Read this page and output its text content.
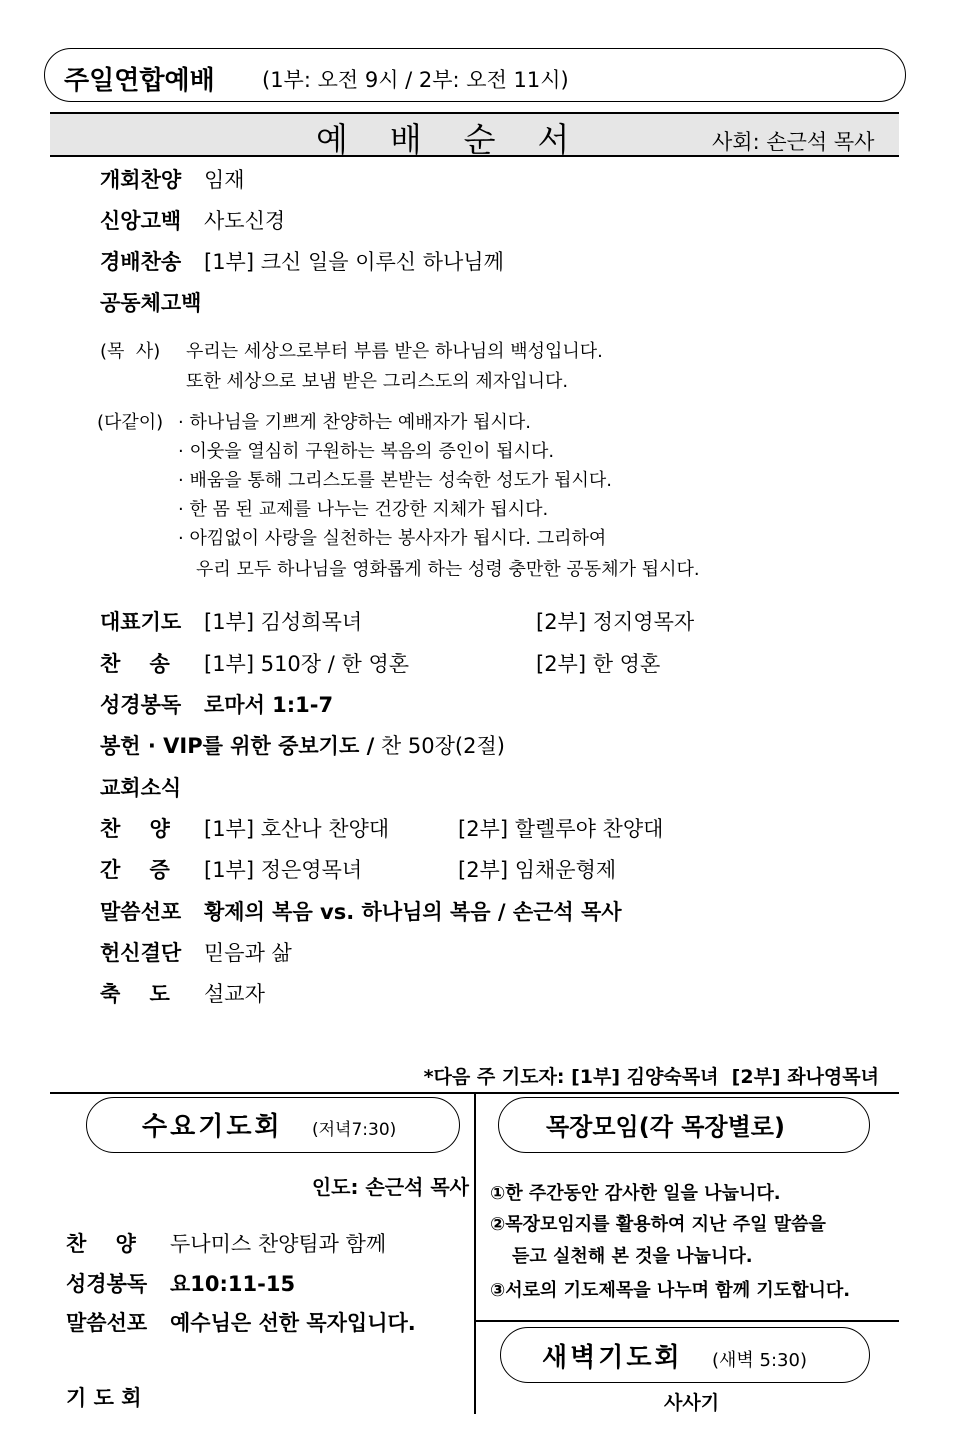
주일연합예배 (1부: 오전 9시 / 2부: 오전 11시)
예    배    순    서	사회: 손근석 목사
개회찬양 임재
신앙고백 사도신경
경배찬송 [1부] 크신 일을 이루신 하나님께
공동체고백
(목  사) 우리는 세상으로부터 부름 받은 하나님의 백성입니다.
또한 세상으로 보냄 받은 그리스도의 제자입니다.
(다같이) · 하나님을 기쁘게 찬양하는 예배자가 됩시다.
· 이웃을 열심히 구원하는 복음의 증인이 됩시다.
· 배움을 통해 그리스도를 본받는 성숙한 성도가 됩시다.
· 한 몸 된 교제를 나누는 건강한 지체가 됩시다.
· 아낌없이 사랑을 실천하는 봉사자가 됩시다. 그리하여
우리 모두 하나님을 영화롭게 하는 성령 충만한 공동체가 됩시다.
대표기도 [1부] 김성희목녀	[2부] 정지영목자
찬    송 [1부] 510장 / 한 영혼	[2부] 한 영혼
성경봉독 로마서 1:1-7
봉헌 · VIP를 위한 중보기도 / 찬 50장(2절)
교회소식
찬    양 [1부] 호산나 찬양대	[2부] 할렐루야 찬양대
간    증 [1부] 정은영목녀	[2부] 임채운형제
말씀선포 황제의 복음 vs. 하나님의 복음 / 손근석 목사
헌신결단 믿음과 삶
축    도 설교자
*다음 주 기도자: [1부] 김양숙목녀  [2부] 좌나영목녀
수요기도회 (저녁7:30)
인도: 손근석 목사
찬    양 두나미스 찬양팀과 함께
성경봉독 요10:11-15
말씀선포 예수님은 선한 목자입니다.
기 도 회
목장모임(각 목장별로)
①한 주간동안 감사한 일을 나눕니다.
②목장모임지를 활용하여 지난 주일 말씀을
듣고 실천해 본 것을 나눕니다.
③서로의 기도제목을 나누며 함께 기도합니다.
새벽기도회 (새벽 5:30)
사사기
